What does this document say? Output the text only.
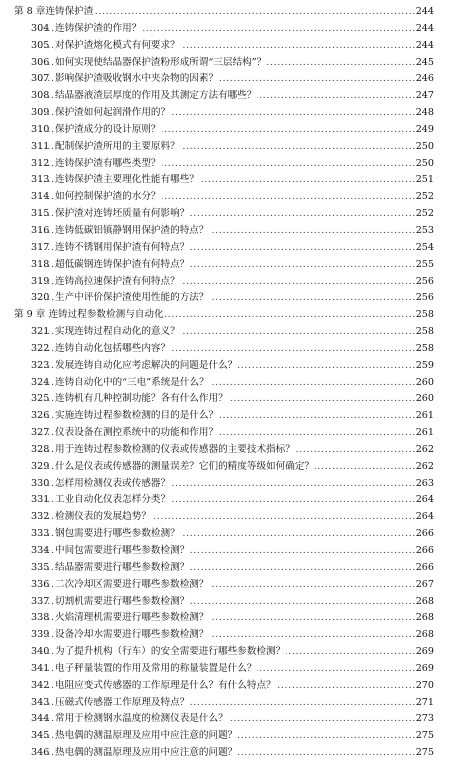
第 8 章连铸保护渣 .....	244
304 连铸保护渣的作用？ .....	244
305 对保护渣熔化模式有何要求？ .....	244
306 如何实现使结晶器保护渣粉形成所谓“三层结构”？ .....	245
307 影响保护渣吸收钢水中夹杂物的因素？ .....	246
308 结晶器液渣层厚度的作用及其测定方法有哪些？ .....	247
309 保护渣如何起润滑作用的？ .....	248
310 保护渣成分的设计原则？ .....	249
311 配制保护渣所用的主要原料？ .....	250
312 连铸保护渣有哪些类型？ .....	250
313 连铸保护渣主要理化性能有哪些？ .....	251
314 如何控制保护渣的水分？ .....	252
315 保护渣对连铸坯质量有何影响？ .....	252
316 连铸低碳铝镇静钢用保护渣的特点？ .....	253
317 连铸不锈钢用保护渣有何特点？ .....	254
318 超低碳钢连铸保护渣有何特点？ .....	255
319 连铸高拉速保护渣有何特点？ .....	256
320 生产中评价保护渣使用性能的方法？ .....	256
第 9 章 连铸过程参数检测与自动化 .....	258
321 实现连铸过程自动化的意义？ .....	258
322 连铸自动化包括哪些内容？ .....	258
323 发展连铸自动化应考虑解决的问题是什么？ .....	259
324 连铸自动化中的“三电”系统是什么？ .....	260
325 连铸机有几种控制功能？各有什么作用？ .....	260
326 实施连铸过程参数检测的目的是什么？ .....	261
327 仪表设备在测控系统中的功能和作用？ .....	261
328 用于连铸过程参数检测的仪表或传感器的主要技术指标？ .....	262
329 什么是仪表或传感器的测量误差？它们的精度等级如何确定？ .....	262
330 怎样用检测仪表或传感器？ .....	263
331 工业自动化仪表怎样分类？ .....	264
332 检测仪表的发展趋势？ .....	264
333 钢包需要进行哪些参数检测？ .....	266
334 中间包需要进行哪些参数检测？ .....	266
335 结晶器需要进行哪些参数检测？ .....	266
336 二次冷却区需要进行哪些参数检测？ .....	267
337 切割机需要进行哪些参数检测？ .....	268
338 火焰清理机需要进行哪些参数检测？ .....	268
339 设备冷却水需要进行哪些参数检测？ .....	268
340 为了提升机构（行车）的安全需要进行哪些参数检测？ .....	269
341 电子秤量装置的作用及常用的称量装置是什么？ .....	269
342 电阻应变式传感器的工作原理是什么？有什么特点？ .....	270
343 压磁式传感器工作原理及特点？ .....	271
344 常用于检测钢水温度的检测仪表是什么？ .....	273
345 热电偶的测温原理及应用中应注意的问题？ .....	275
346 热电偶的测温原理及应用中应注意的问题？ .....	275
